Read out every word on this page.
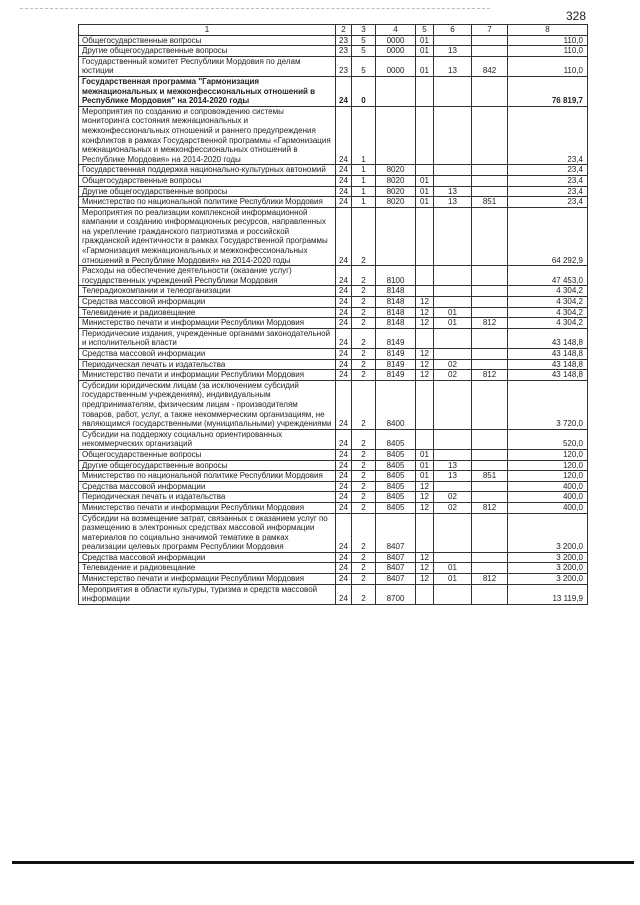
328
1	2	3	4	5	6	7	8
Общегосударственные вопросы	23	5	0000	01			110,0
Другие общегосударственные вопросы	23	5	0000	01	13		110,0
Государственный комитет Республики Мордовия по делам юстиции	23	5	0000	01	13	842	110,0
Государственная программа "Гармонизация межнациональных и межконфессиональных отношений в Республике Мордовия" на 2014-2020 годы	24	0					76 819,7
Мероприятия по созданию и сопровождению системы мониторинга состояния межнациональных и межконфессиональных отношений и раннего предупреждения конфликтов в рамках Государственной программы «Гармонизация межнациональных и межконфессиональных отношений в Республике Мордовия» на 2014-2020 годы	24	1					23,4
Государственная поддержка национально-культурных автономий	24	1	8020				23,4
Общегосударственные вопросы	24	1	8020	01			23,4
Другие общегосударственные вопросы	24	1	8020	01	13		23,4
Министерство по национальной политике Республики Мордовия	24	1	8020	01	13	851	23,4
Мероприятия по реализации комплексной информационной кампании и созданию информационных ресурсов, направленных на укрепление гражданского патриотизма и российской гражданской идентичности в рамках Государственной программы «Гармонизация межнациональных и межконфессиональных отношений в Республике Мордовия» на 2014-2020 годы	24	2					64 292,9
Расходы на обеспечение деятельности (оказание услуг) государственных учреждений Республики Мордовия	24	2	8100				47 453,0
Телерадиокомпании и телеорганизации	24	2	8148				4 304,2
Средства массовой информации	24	2	8148	12			4 304,2
Телевидение и радиовещание	24	2	8148	12	01		4 304,2
Министерство печати и информации Республики Мордовия	24	2	8148	12	01	812	4 304,2
Периодические издания, учрежденные органами законодательной и исполнительной власти	24	2	8149				43 148,8
Средства массовой информации	24	2	8149	12			43 148,8
Периодическая печать и издательства	24	2	8149	12	02		43 148,8
Министерство печати и информации Республики Мордовия	24	2	8149	12	02	812	43 148,8
Субсидии юридическим лицам (за исключением субсидий государственным учреждениям), индивидуальным предпринимателям, физическим лицам - производителям товаров, работ, услуг, а также некоммерческим организациям, не являющимся государственными (муниципальными) учреждениями	24	2	8400				3 720,0
Субсидии на поддержку социально ориентированных некоммерческих организаций	24	2	8405				520,0
Общегосударственные вопросы	24	2	8405	01			120,0
Другие общегосударственные вопросы	24	2	8405	01	13		120,0
Министерство по национальной политике Республики Мордовия	24	2	8405	01	13	851	120,0
Средства массовой информации	24	2	8405	12			400,0
Периодическая печать и издательства	24	2	8405	12	02		400,0
Министерство печати и информации Республики Мордовия	24	2	8405	12	02	812	400,0
Субсидии на возмещение затрат, связанных с оказанием услуг по размещению в электронных средствах массовой информации материалов по социально значимой тематике в рамках реализации целевых программ Республики Мордовия	24	2	8407				3 200,0
Средства массовой информации	24	2	8407	12			3 200,0
Телевидение и радиовещание	24	2	8407	12	01		3 200,0
Министерство печати и информации Республики Мордовия	24	2	8407	12	01	812	3 200,0
Мероприятия в области культуры, туризма и средств массовой информации	24	2	8700				13 119,9
